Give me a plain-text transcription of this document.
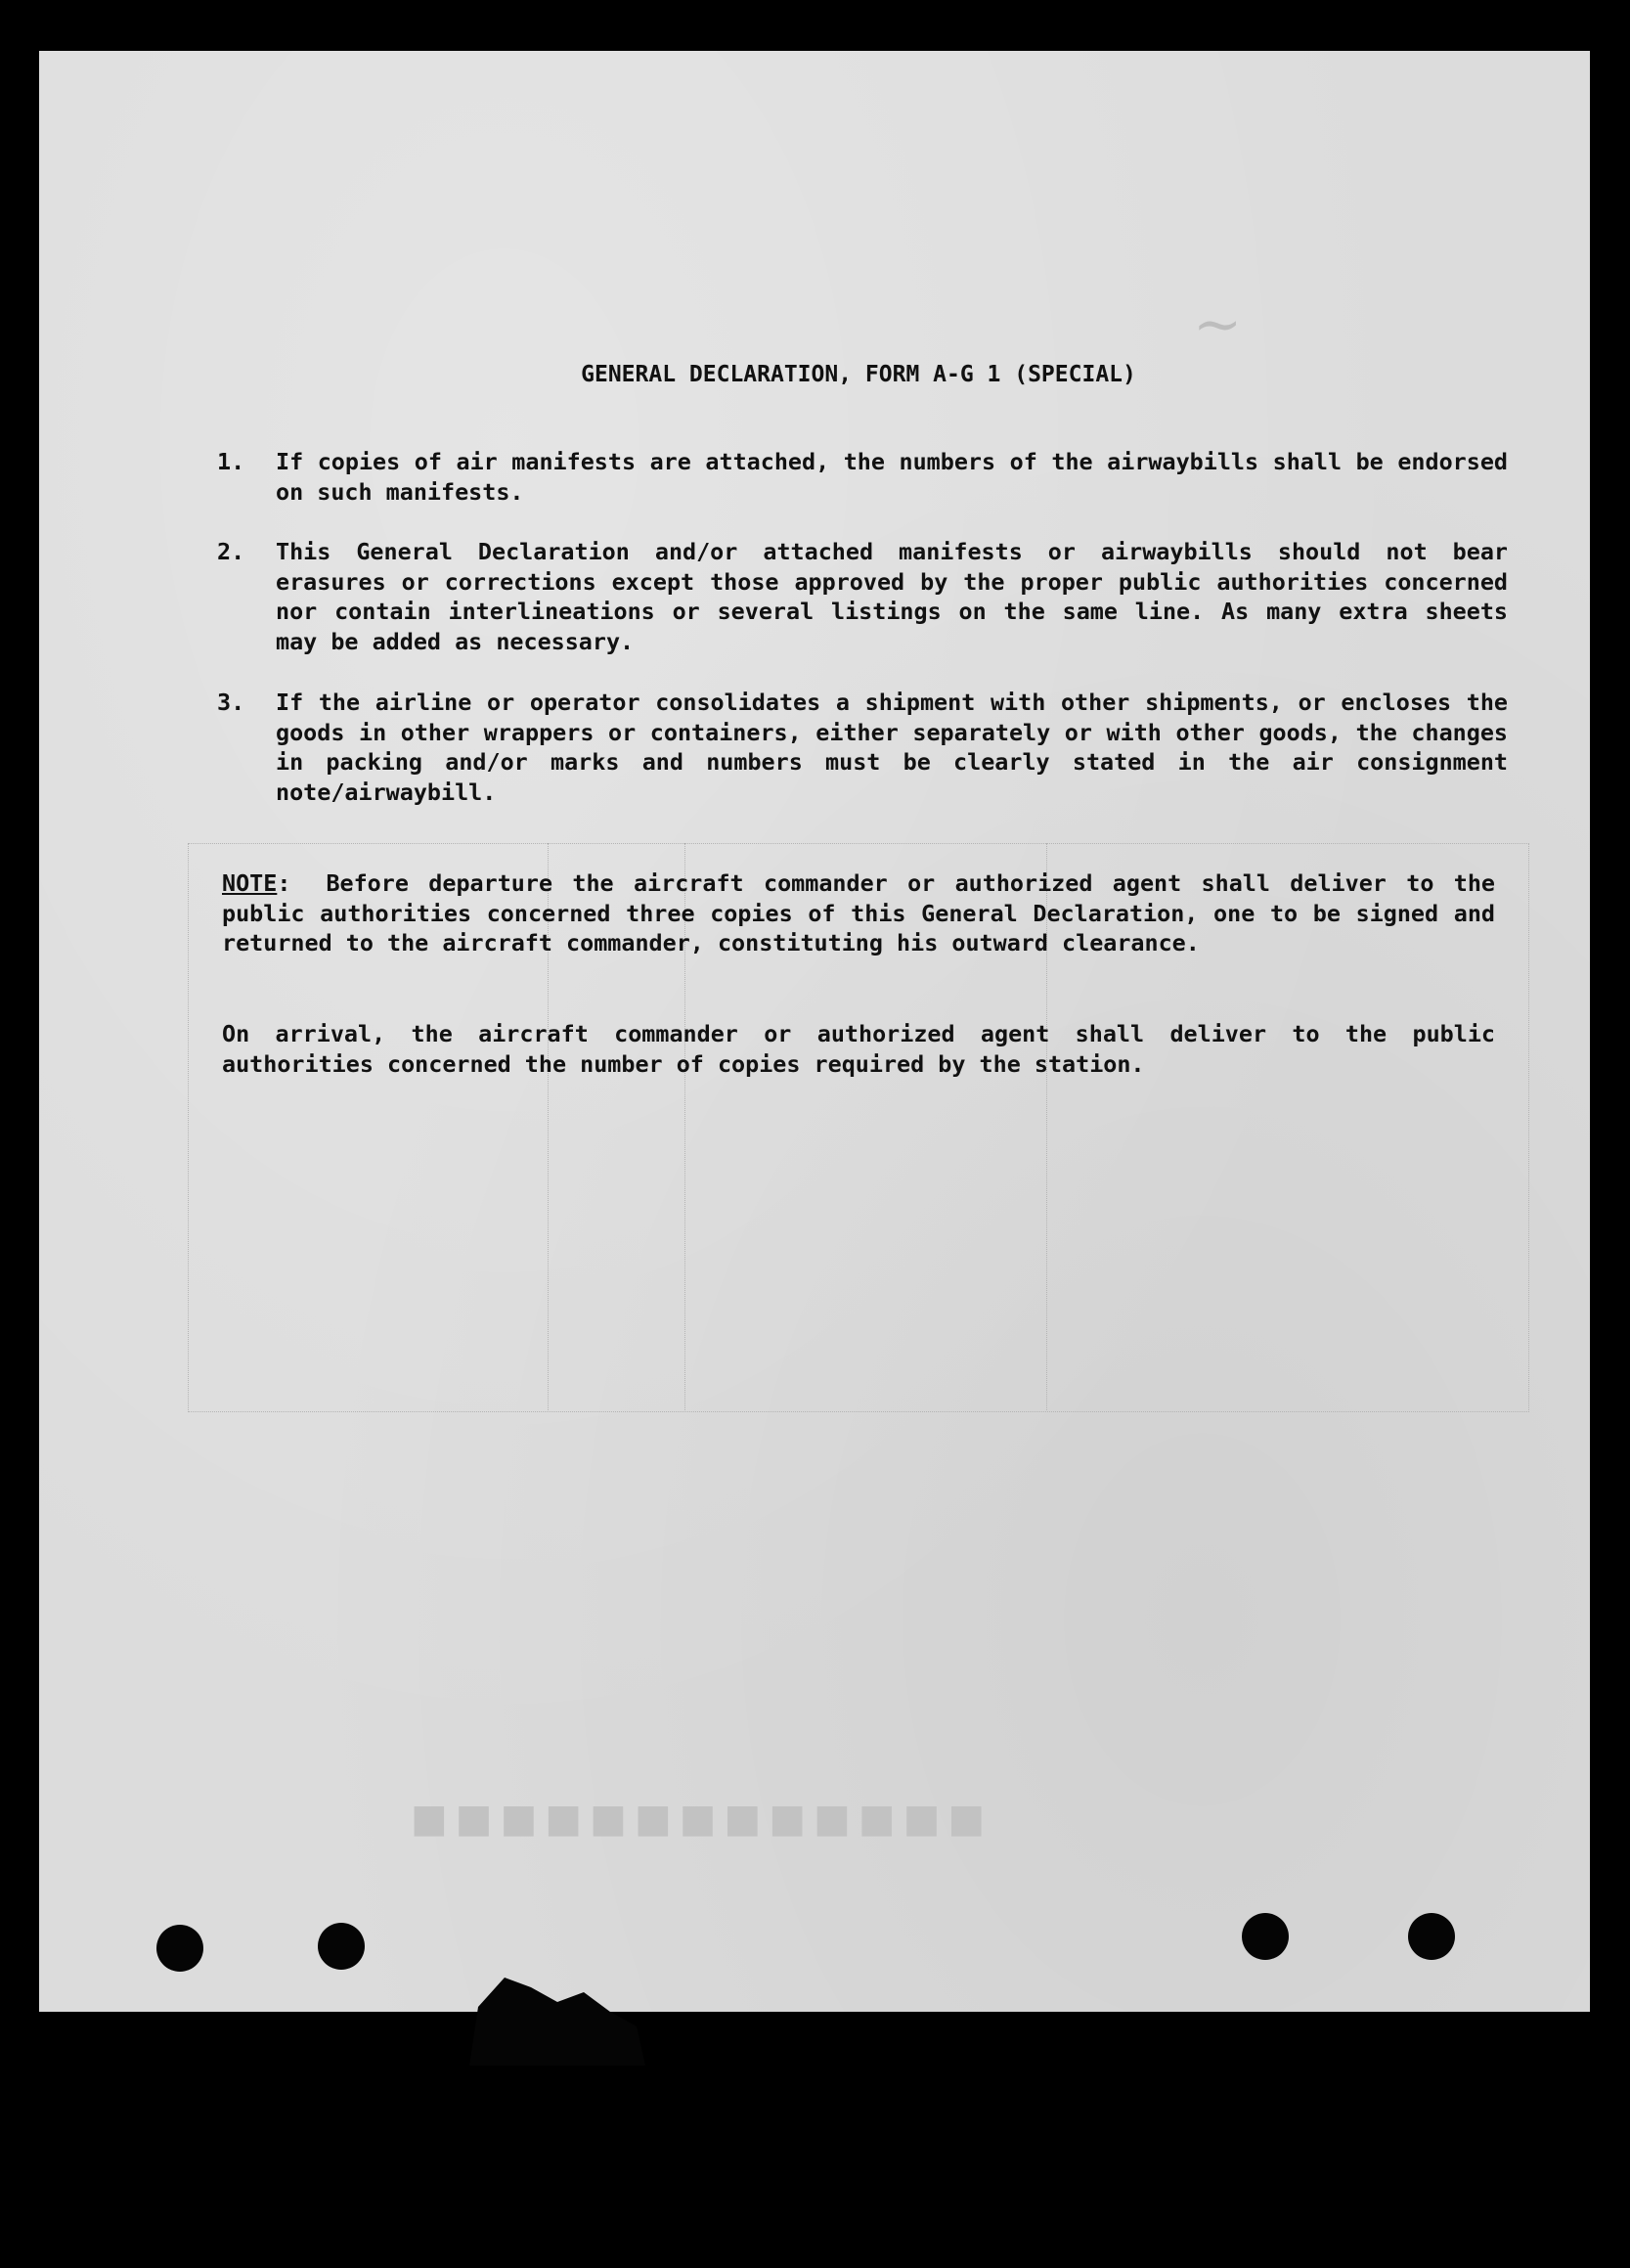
■■■■■■■■■■■■■
~
GENERAL DECLARATION, FORM A-G 1 (SPECIAL)
1. If copies of air manifests are attached, the numbers of the airwaybills shall be endorsed on such manifests.
2. This General Declaration and/or attached manifests or airwaybills should not bear erasures or corrections except those approved by the proper public authorities concerned nor contain interlineations or several listings on the same line. As many extra sheets may be added as necessary.
3. If the airline or operator consolidates a shipment with other shipments, or encloses the goods in other wrappers or containers, either separately or with other goods, the changes in packing and/or marks and numbers must be clearly stated in the air consignment note/airwaybill.
NOTE: Before departure the aircraft commander or authorized agent shall deliver to the public authorities concerned three copies of this General Declaration, one to be signed and returned to the aircraft commander, constituting his outward clearance.
On arrival, the aircraft commander or authorized agent shall deliver to the public authorities concerned the number of copies required by the station.
